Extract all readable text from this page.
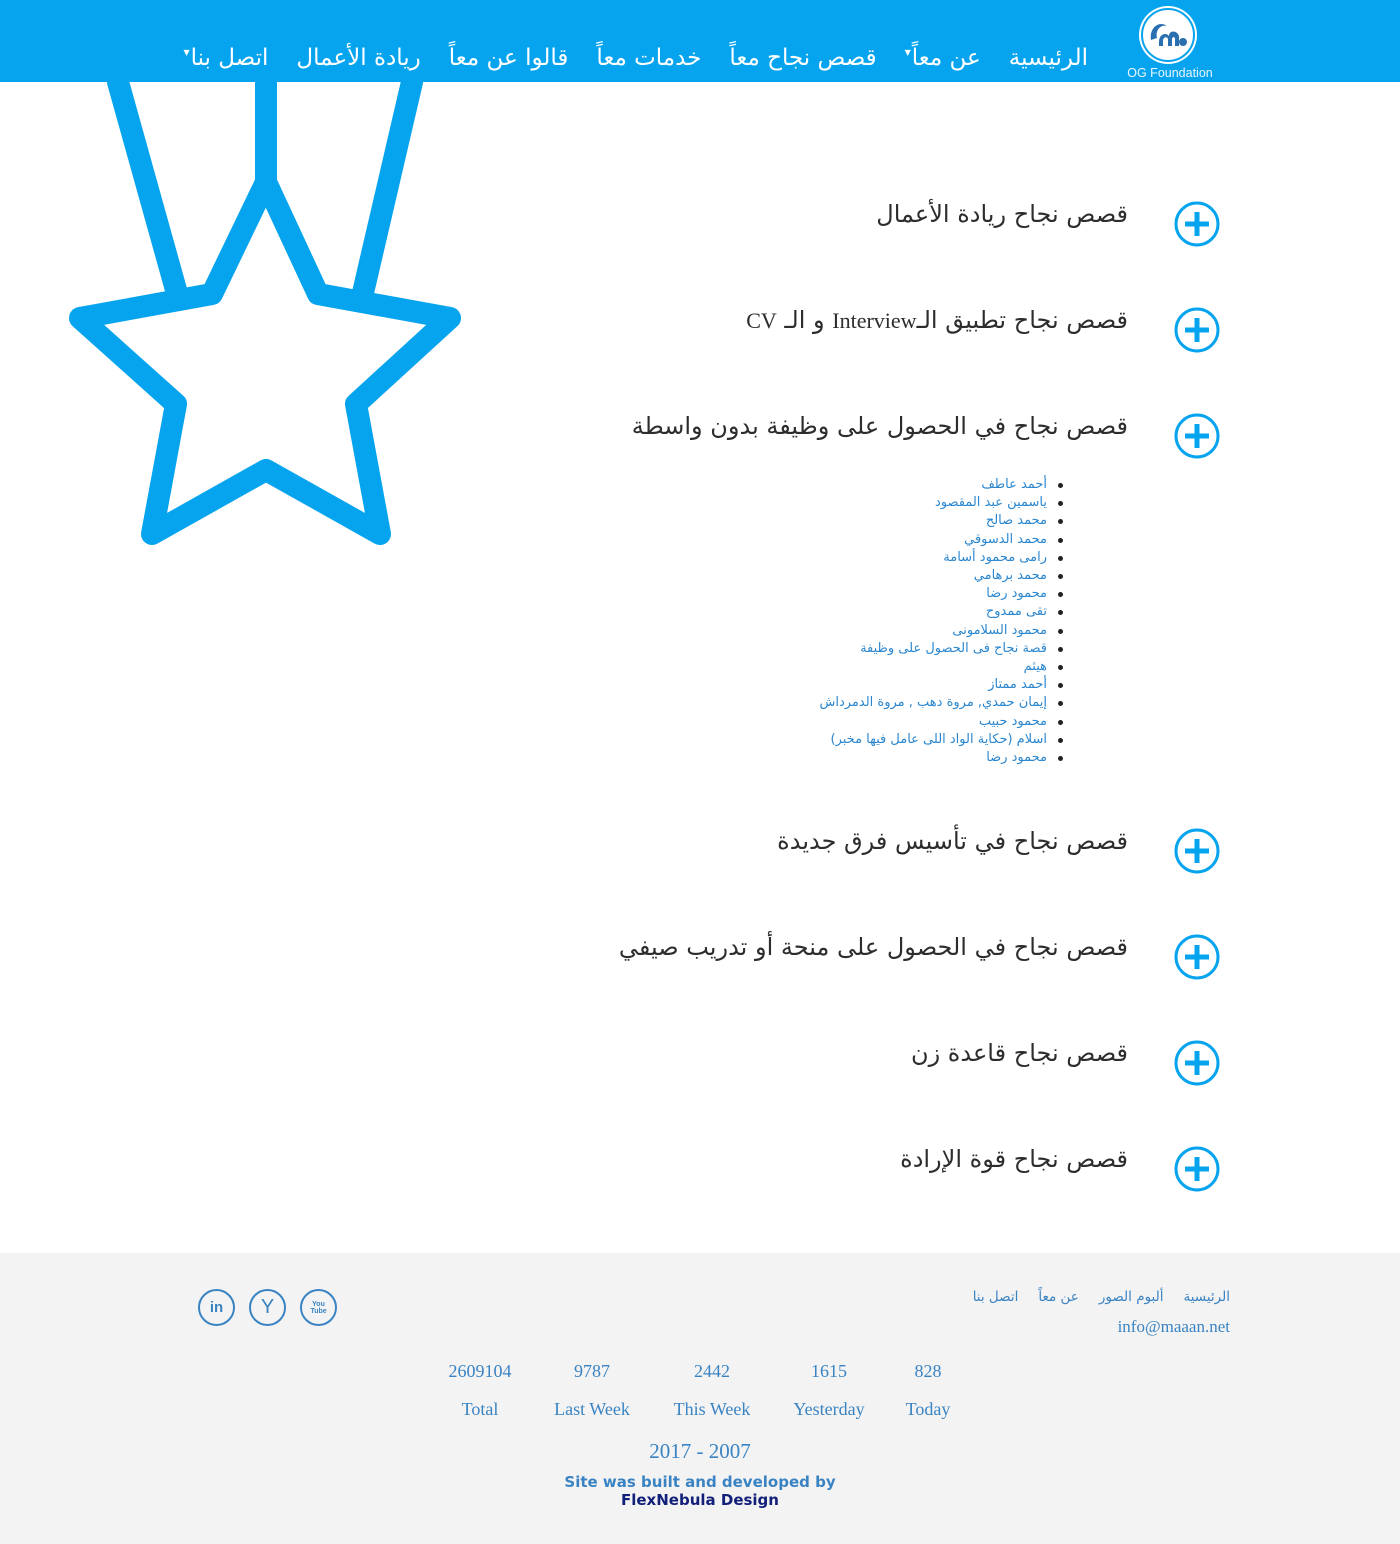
OG Foundation
الرئيسية
عن معاً▼
قصص نجاح معاً
خدمات معاً
قالوا عن معاً
ريادة الأعمال
اتصل بنا▼
قصص نجاح ريادة الأعمال
قصص نجاح تطبيق الـInterview و الـ CV
قصص نجاح في الحصول على وظيفة بدون واسطة
أحمد عاطف
ياسمين عبد المقصود
محمد صالح
محمد الدسوقي
رامى محمود أسامة
محمد برهامي
محمود رضا
تقى ممدوح
محمود السلامونى
قصة نجاح فى الحصول على وظيفة
هيثم
أحمد ممتاز
إيمان حمدي, مروة دهب , مروة الدمرداش
محمود حبيب
اسلام (حكاية الواد اللى عامل فيها مخبر)
محمود رضا
قصص نجاح في تأسيس فرق جديدة
قصص نجاح في الحصول على منحة أو تدريب صيفي
قصص نجاح قاعدة زن
قصص نجاح قوة الإرادة
الرئيسية
ألبوم الصور
عن معاً
اتصل بنا
info@maaan.net
in Y	You Tube
2609104
Total
9787
Last Week
2442
This Week
1615
Yesterday
828
Today
2017 - 2007
Site was built and developed by
FlexNebula Design
